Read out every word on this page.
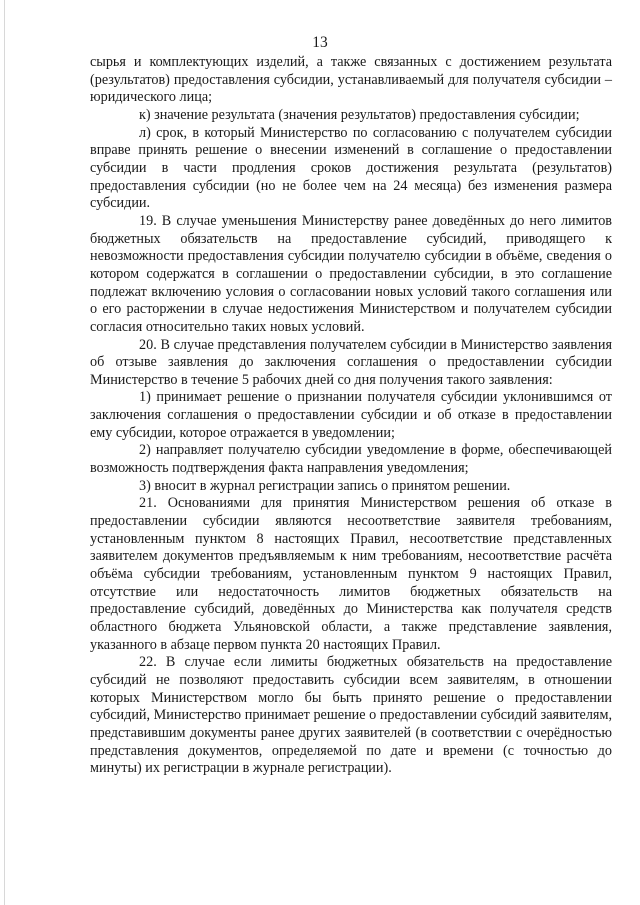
13

сырья и комплектующих изделий, а также связанных с достижением результата (результатов) предоставления субсидии, устанавливаемый для получателя субсидии – юридического лица;

к) значение результата (значения результатов) предоставления субсидии;

л) срок, в который Министерство по согласованию с получателем субсидии вправе принять решение о внесении изменений в соглашение о предоставлении субсидии в части продления сроков достижения результата (результатов) предоставления субсидии (но не более чем на 24 месяца) без изменения размера субсидии.

19. В случае уменьшения Министерству ранее доведённых до него лимитов бюджетных обязательств на предоставление субсидий, приводящего к невозможности предоставления субсидии получателю субсидии в объёме, сведения о котором содержатся в соглашении о предоставлении субсидии, в это соглашение подлежат включению условия о согласовании новых условий такого соглашения или о его расторжении в случае недостижения Министерством и получателем субсидии согласия относительно таких новых условий.

20. В случае представления получателем субсидии в Министерство заявления об отзыве заявления до заключения соглашения о предоставлении субсидии Министерство в течение 5 рабочих дней со дня получения такого заявления:

1) принимает решение о признании получателя субсидии уклонившимся от заключения соглашения о предоставлении субсидии и об отказе в предоставлении ему субсидии, которое отражается в уведомлении;

2) направляет получателю субсидии уведомление в форме, обеспечивающей возможность подтверждения факта направления уведомления;

3) вносит в журнал регистрации запись о принятом решении.

21. Основаниями для принятия Министерством решения об отказе в предоставлении субсидии являются несоответствие заявителя требованиям, установленным пунктом 8 настоящих Правил, несоответствие представленных заявителем документов предъявляемым к ним требованиям, несоответствие расчёта объёма субсидии требованиям, установленным пунктом 9 настоящих Правил, отсутствие или недостаточность лимитов бюджетных обязательств на предоставление субсидий, доведённых до Министерства как получателя средств областного бюджета Ульяновской области, а также представление заявления, указанного в абзаце первом пункта 20 настоящих Правил.

22. В случае если лимиты бюджетных обязательств на предоставление субсидий не позволяют предоставить субсидии всем заявителям, в отношении которых Министерством могло бы быть принято решение о предоставлении субсидий, Министерство принимает решение о предоставлении субсидий заявителям, представившим документы ранее других заявителей (в соответствии с очерёдностью представления документов, определяемой по дате и времени (с точностью до минуты) их регистрации в журнале регистрации).
